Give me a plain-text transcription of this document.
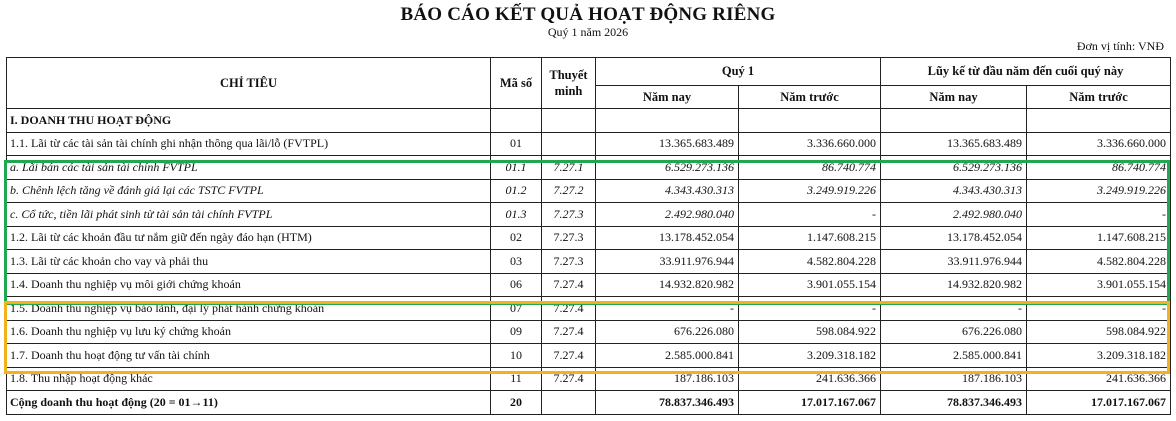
BÁO CÁO KẾT QUẢ HOẠT ĐỘNG RIÊNG
Quý 1 năm 2026
Đơn vị tính: VNĐ
CHỈ TIÊU	Mã số	Thuyết minh	Quý 1		Lũy kế từ đầu năm đến cuối quý này	
			Năm nay	Năm trước	Năm nay	Năm trước
I. DOANH THU HOẠT ĐỘNG						
1.1. Lãi từ các tài sản tài chính ghi nhận thông qua lãi/lỗ (FVTPL)	01		13.365.683.489	3.336.660.000	13.365.683.489	3.336.660.000
a. Lãi bán các tài sản tài chính FVTPL	01.1	7.27.1	6.529.273.136	86.740.774	6.529.273.136	86.740.774
b. Chênh lệch tăng về đánh giá lại các TSTC FVTPL	01.2	7.27.2	4.343.430.313	3.249.919.226	4.343.430.313	3.249.919.226
c. Cổ tức, tiền lãi phát sinh từ tài sản tài chính FVTPL	01.3	7.27.3	2.492.980.040	-	2.492.980.040	-
1.2. Lãi từ các khoản đầu tư nắm giữ đến ngày đáo hạn (HTM)	02	7.27.3	13.178.452.054	1.147.608.215	13.178.452.054	1.147.608.215
1.3. Lãi từ các khoản cho vay và phải thu	03	7.27.3	33.911.976.944	4.582.804.228	33.911.976.944	4.582.804.228
1.4. Doanh thu nghiệp vụ môi giới chứng khoán	06	7.27.4	14.932.820.982	3.901.055.154	14.932.820.982	3.901.055.154
1.5. Doanh thu nghiệp vụ bảo lãnh, đại lý phát hành chứng khoán	07	7.27.4	-	-	-	-
1.6. Doanh thu nghiệp vụ lưu ký chứng khoán	09	7.27.4	676.226.080	598.084.922	676.226.080	598.084.922
1.7. Doanh thu hoạt động tư vấn tài chính	10	7.27.4	2.585.000.841	3.209.318.182	2.585.000.841	3.209.318.182
1.8. Thu nhập hoạt động khác	11	7.27.4	187.186.103	241.636.366	187.186.103	241.636.366
Cộng doanh thu hoạt động (20 = 01→11)	20		78.837.346.493	17.017.167.067	78.837.346.493	17.017.167.067
